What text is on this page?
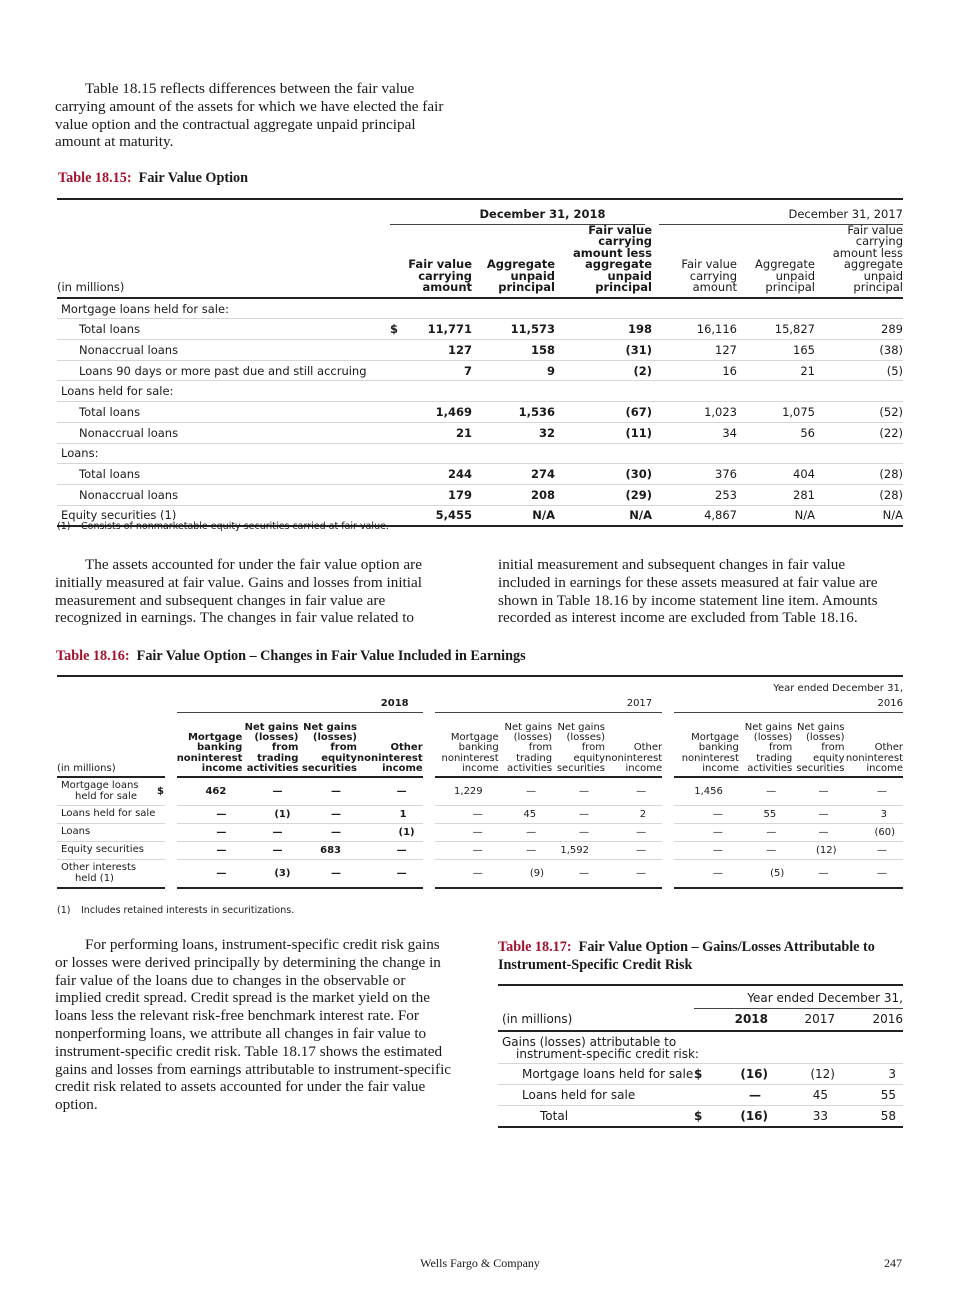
Table 18.15 reflects differences between the fair value carrying amount of the assets for which we have elected the fair value option and the contractual aggregate unpaid principal amount at maturity.

Table 18.15: Fair Value Option

	December 31, 2018				December 31, 2017		
(in millions)		Fair value carrying amount	Aggregate unpaid principal	Fair value carrying amount less aggregate unpaid principal	Fair value carrying amount	Aggregate unpaid principal	Fair value carrying amount less aggregate unpaid principal
Mortgage loans held for sale:							
Total loans	$	11,771	11,573	198	16,116	15,827	289
Nonaccrual loans		127	158	(31)	127	165	(38)
Loans 90 days or more past due and still accruing		7	9	(2)	16	21	(5)
Loans held for sale:							
Total loans		1,469	1,536	(67)	1,023	1,075	(52)
Nonaccrual loans		21	32	(11)	34	56	(22)
Loans:							
Total loans		244	274	(30)	376	404	(28)
Nonaccrual loans		179	208	(29)	253	281	(28)
Equity securities (1)		5,455	N/A	N/A	4,867	N/A	N/A
(1) Consists of nonmarketable equity securities carried at fair value.

The assets accounted for under the fair value option are initially measured at fair value. Gains and losses from initial measurement and subsequent changes in fair value are recognized in earnings. The changes in fair value related to

initial measurement and subsequent changes in fair value included in earnings for these assets measured at fair value are shown in Table 18.16 by income statement line item. Amounts recorded as interest income are excluded from Table 18.16.

Table 18.16: Fair Value Option – Changes in Fair Value Included in Earnings

Year ended December 31,													
		2018				2017				2016			
(in millions)		Mortgage banking noninterest income	Net gains (losses) from trading activities	Net gains (losses) from equity securities	Other noninterest income	Mortgage banking noninterest income	Net gains (losses) from trading activities	Net gains (losses) from equity securities	Other noninterest income	Mortgage banking noninterest income	Net gains (losses) from trading activities	Net gains (losses) from equity securities	Other noninterest income

Mortgage loans held for sale	$	462	—	—	—	1,229	—	—	—	1,456	—	—	—

Loans held for sale		—	(1)	—	1	—	45	—	2	—	55	—	3

Loans		—	—	—	(1)	—	—	—	—	—	—	—	(60)

Equity securities		—	—	683	—	—	—	1,592	—	—	—	(12)	—

Other interests held (1)		—	(3)	—	—	—	(9)	—	—	—	(5)	—	—
(1) Includes retained interests in securitizations.

For performing loans, instrument-specific credit risk gains or losses were derived principally by determining the change in fair value of the loans due to changes in the observable or implied credit spread. Credit spread is the market yield on the loans less the relevant risk-free benchmark interest rate. For nonperforming loans, we attribute all changes in fair value to instrument-specific credit risk. Table 18.17 shows the estimated gains and losses from earnings attributable to instrument-specific credit risk related to assets accounted for under the fair value option.

Table 18.17: Fair Value Option – Gains/Losses Attributable to Instrument-Specific Credit Risk

	Year ended December 31,			
(in millions)		2018	2017	2016

Gains (losses) attributable to instrument-specific credit risk:				

Mortgage loans held for sale	$	(16)	(12)	3
Loans held for sale		—	45	55
Total	$	(16)	33	58
Wells Fargo & Company	247
